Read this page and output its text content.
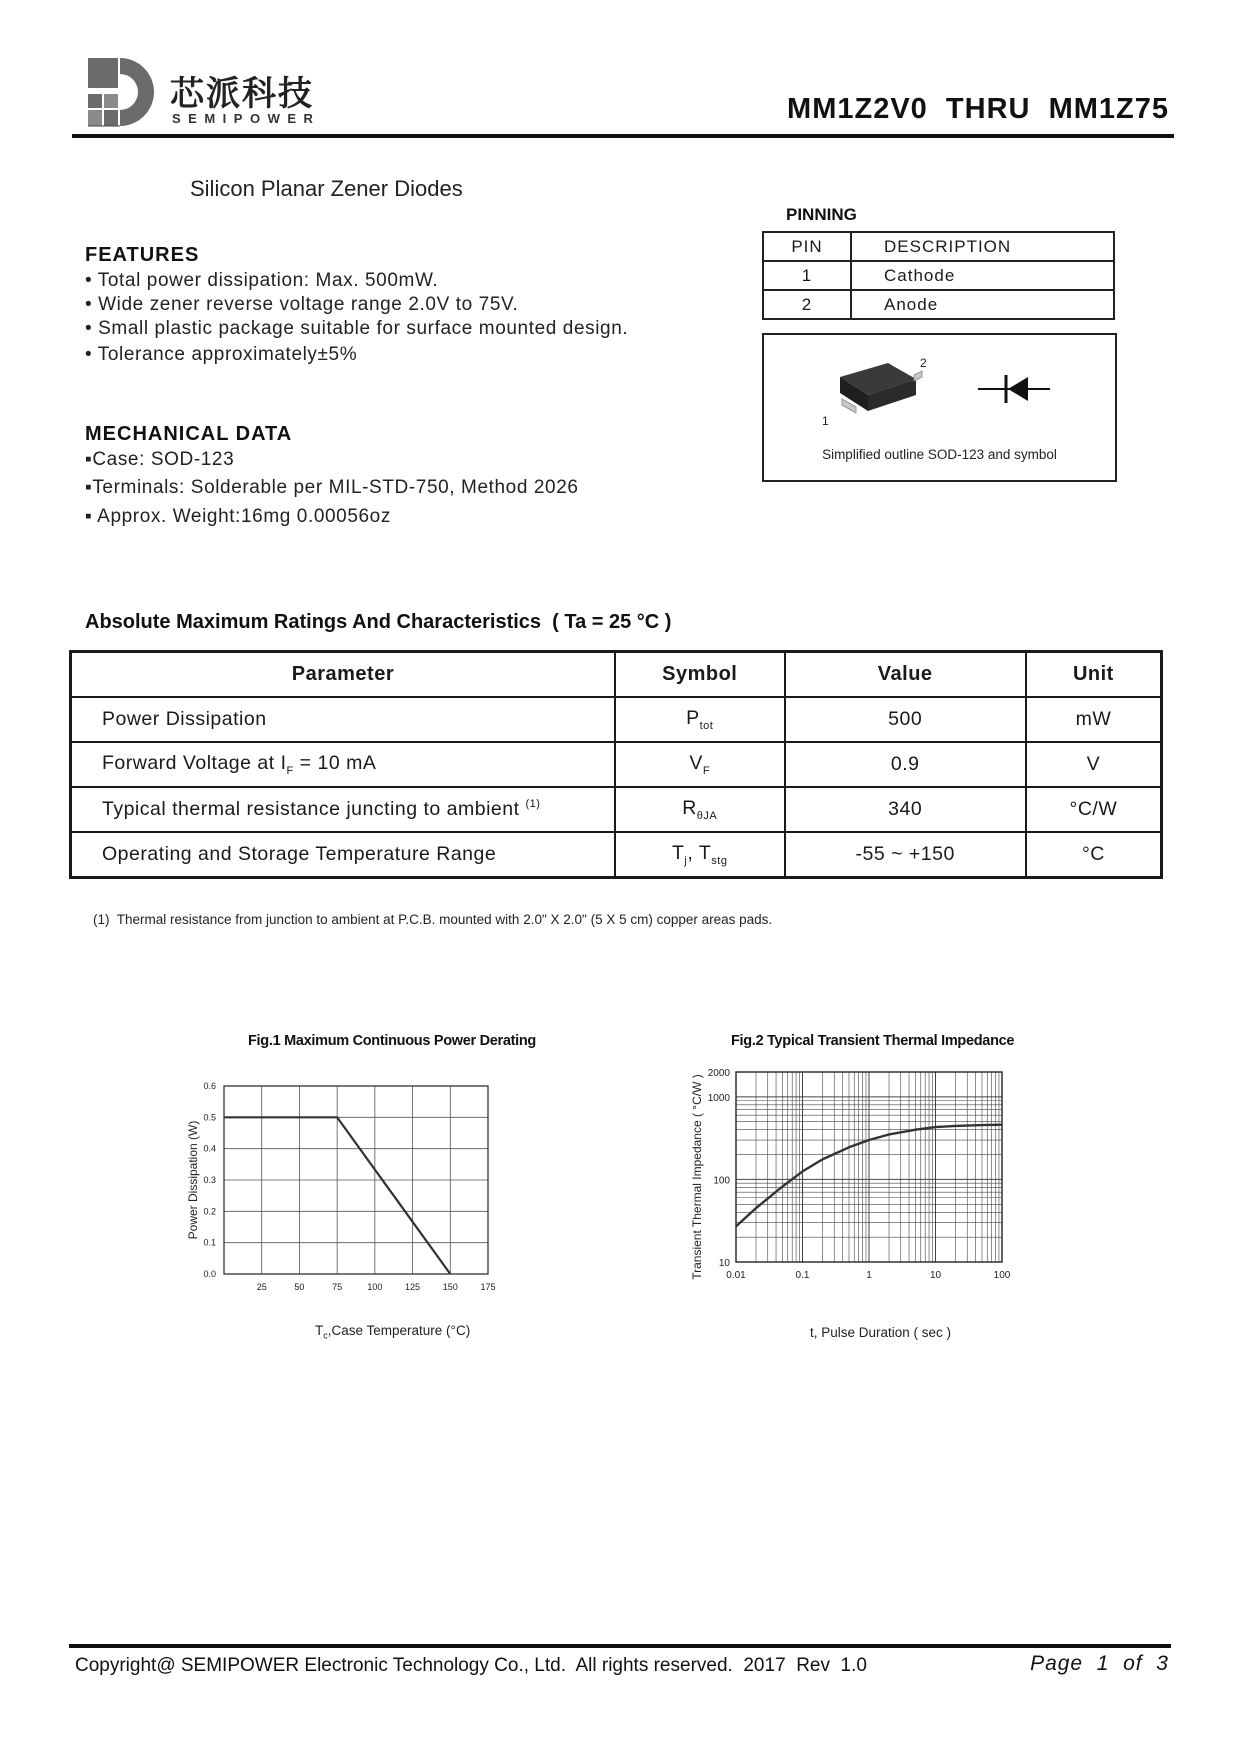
芯派科技
SEMIPOWER	MM1Z2V0  THRU  MM1Z75
Silicon Planar Zener Diodes
FEATURES
• Total power dissipation: Max. 500mW.
• Wide zener reverse voltage range 2.0V to 75V.
• Small plastic package suitable for surface mounted design.
• Tolerance approximately±5%
MECHANICAL DATA
▪Case: SOD-123
▪Terminals: Solderable per MIL-STD-750, Method 2026
▪ Approx. Weight:16mg 0.00056oz
PINNING
PIN	DESCRIPTION
1	Cathode
2	Anode
1
2
Simplified outline SOD-123 and symbol
Absolute Maximum Ratings And Characteristics  ( Ta = 25 °C )
Parameter	Symbol	Value	Unit
Power Dissipation	$P_{tot}$	500	mW
Forward Voltage at $I_F = 10$ mA	$V_F$	0.9	V
Typical thermal resistance juncting to ambient $^{(1)}$	$R_{\theta JA}$	340	°C/W
Operating and Storage Temperature Range	$T_j$, $T_{stg}$	-55 ~ +150	°C
(1)  Thermal resistance from junction to ambient at P.C.B. mounted with 2.0" X 2.0" (5 X 5 cm) copper areas pads.
Fig.1 Maximum Continuous Power Derating
0.0
0.1
0.2
0.3
0.4
0.5
0.6
25	50	75	100	125	150	175
Power Dissipation (W)
$T_c,Case$ Temperature (°C)
Fig.2 Typical Transient Thermal Impedance
0.01	0.1	1	10	100
10
100
1000
2000
Transient Thermal Impedance ( °C/W )
t, Pulse Duration ( sec )
Copyright@ SEMIPOWER Electronic Technology Co., Ltd.  All rights reserved.  2017  Rev  1.0	Page  1  of  3
